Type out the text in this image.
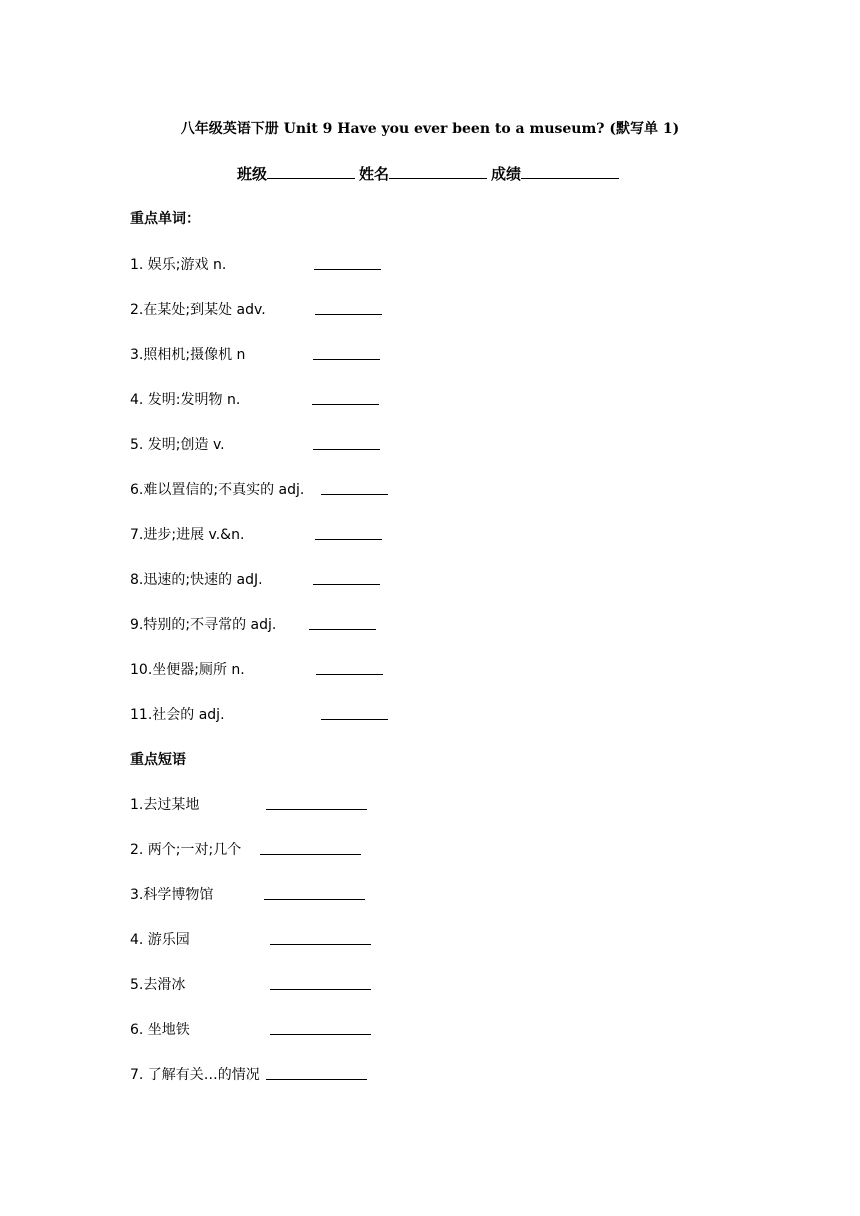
八年级英语下册 Unit 9 Have you ever been to a museum? (默写单 1)
班级	姓名	成绩
重点单词：
1. 娱乐;游戏 n.
2.在某处;到某处 adv.
3.照相机;摄像机 n
4. 发明:发明物 n.
5. 发明;创造 v.
6.难以置信的;不真实的 adj.
7.进步;进展 v.&n.
8.迅速的;快速的 adJ.
9.特别的;不寻常的 adj.
10.坐便器;厕所 n.
11.社会的 adj.
重点短语
1.去过某地
2. 两个;一对;几个
3.科学博物馆
4. 游乐园
5.去滑冰
6. 坐地铁
7. 了解有关…的情况
